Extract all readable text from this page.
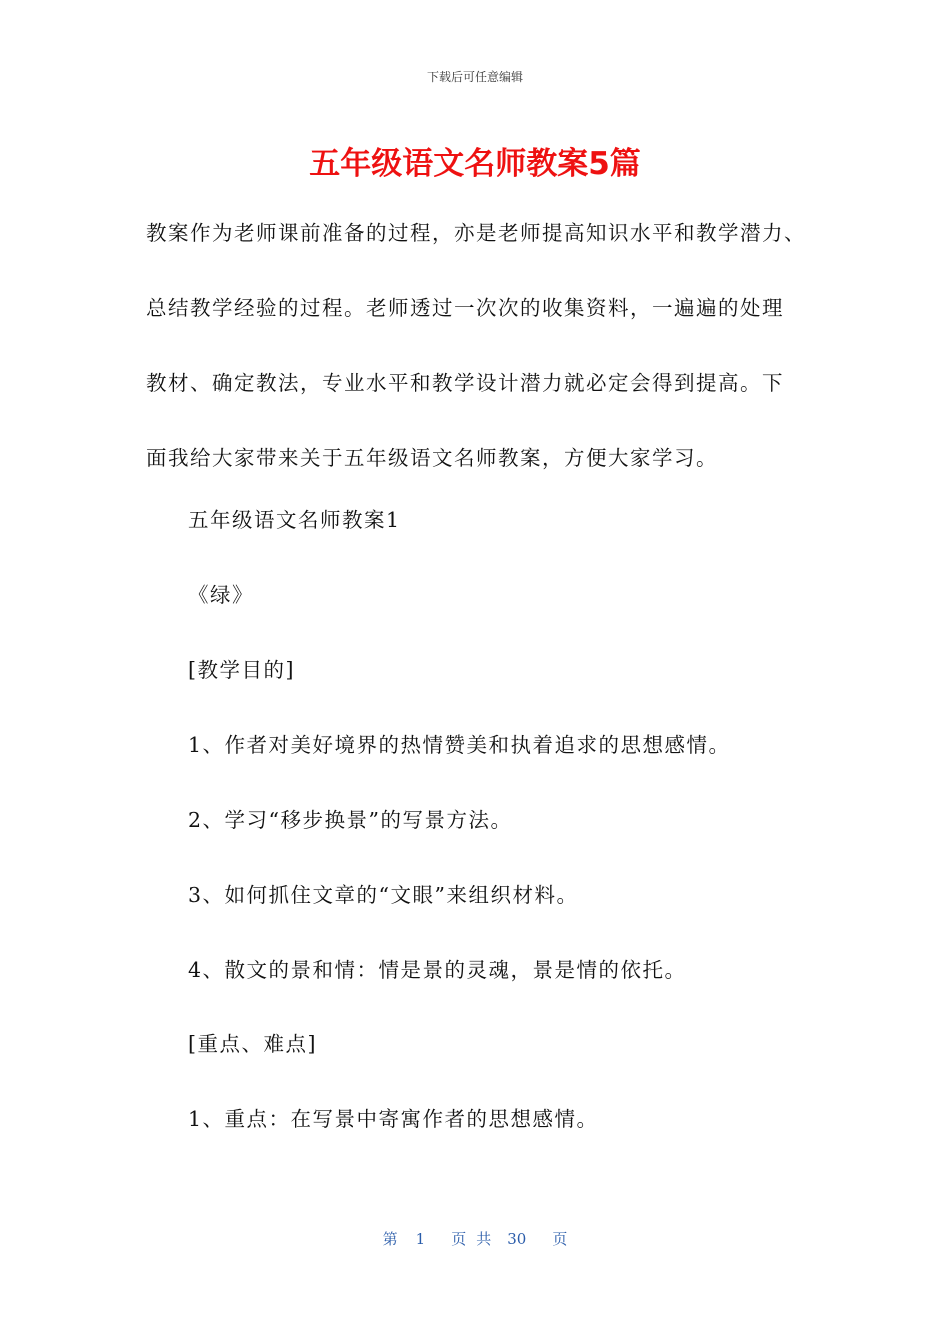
下载后可任意编辑
五年级语文名师教案5篇

教案作为老师课前准备的过程，亦是老师提高知识水平和教学潜力、
总结教学经验的过程。老师透过一次次的收集资料，一遍遍的处理
教材、确定教法，专业水平和教学设计潜力就必定会得到提高。下
面我给大家带来关于五年级语文名师教案，方便大家学习。

五年级语文名师教案1

《绿》

[教学目的]

1、作者对美好境界的热情赞美和执着追求的思想感情。

2、学习“移步换景”的写景方法。

3、如何抓住文章的“文眼”来组织材料。

4、散文的景和情：情是景的灵魂，景是情的依托。

[重点、难点]

1、重点：在写景中寄寓作者的思想感情。

第 1 页 共 30 页
